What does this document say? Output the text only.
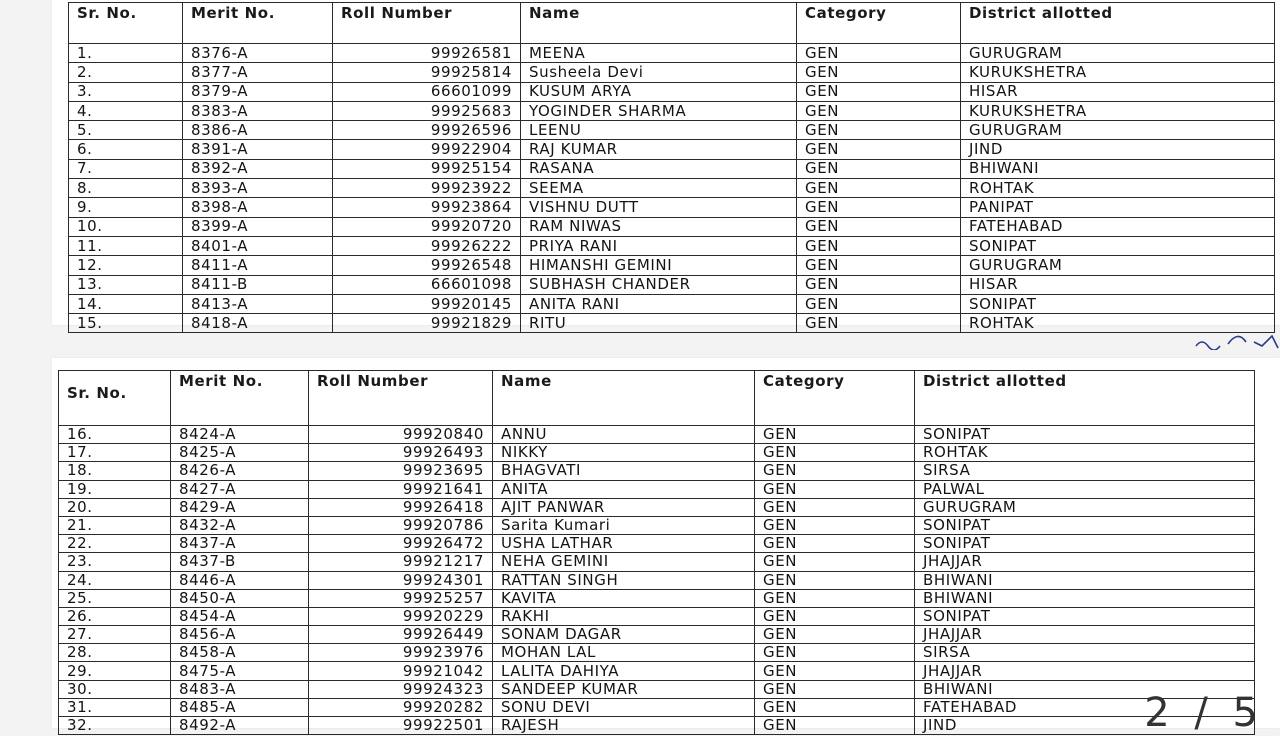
Sr. No.	Merit No.	Roll Number	Name	Category	District allotted
1.	8376-A	99926581	MEENA	GEN	GURUGRAM
2.	8377-A	99925814	Susheela Devi	GEN	KURUKSHETRA
3.	8379-A	66601099	KUSUM ARYA	GEN	HISAR
4.	8383-A	99925683	YOGINDER SHARMA	GEN	KURUKSHETRA
5.	8386-A	99926596	LEENU	GEN	GURUGRAM
6.	8391-A	99922904	RAJ KUMAR	GEN	JIND
7.	8392-A	99925154	RASANA	GEN	BHIWANI
8.	8393-A	99923922	SEEMA	GEN	ROHTAK
9.	8398-A	99923864	VISHNU DUTT	GEN	PANIPAT
10.	8399-A	99920720	RAM NIWAS	GEN	FATEHABAD
11.	8401-A	99926222	PRIYA RANI	GEN	SONIPAT
12.	8411-A	99926548	HIMANSHI GEMINI	GEN	GURUGRAM
13.	8411-B	66601098	SUBHASH CHANDER	GEN	HISAR
14.	8413-A	99920145	ANITA RANI	GEN	SONIPAT
15.	8418-A	99921829	RITU	GEN	ROHTAK
Sr. No.	Merit No.	Roll Number	Name	Category	District allotted
16.	8424-A	99920840	ANNU	GEN	SONIPAT
17.	8425-A	99926493	NIKKY	GEN	ROHTAK
18.	8426-A	99923695	BHAGVATI	GEN	SIRSA
19.	8427-A	99921641	ANITA	GEN	PALWAL
20.	8429-A	99926418	AJIT PANWAR	GEN	GURUGRAM
21.	8432-A	99920786	Sarita Kumari	GEN	SONIPAT
22.	8437-A	99926472	USHA LATHAR	GEN	SONIPAT
23.	8437-B	99921217	NEHA GEMINI	GEN	JHAJJAR
24.	8446-A	99924301	RATTAN SINGH	GEN	BHIWANI
25.	8450-A	99925257	KAVITA	GEN	BHIWANI
26.	8454-A	99920229	RAKHI	GEN	SONIPAT
27.	8456-A	99926449	SONAM DAGAR	GEN	JHAJJAR
28.	8458-A	99923976	MOHAN LAL	GEN	SIRSA
29.	8475-A	99921042	LALITA DAHIYA	GEN	JHAJJAR
30.	8483-A	99924323	SANDEEP KUMAR	GEN	BHIWANI
31.	8485-A	99920282	SONU DEVI	GEN	FATEHABAD
32.	8492-A	99922501	RAJESH	GEN	JIND	2 / 5
